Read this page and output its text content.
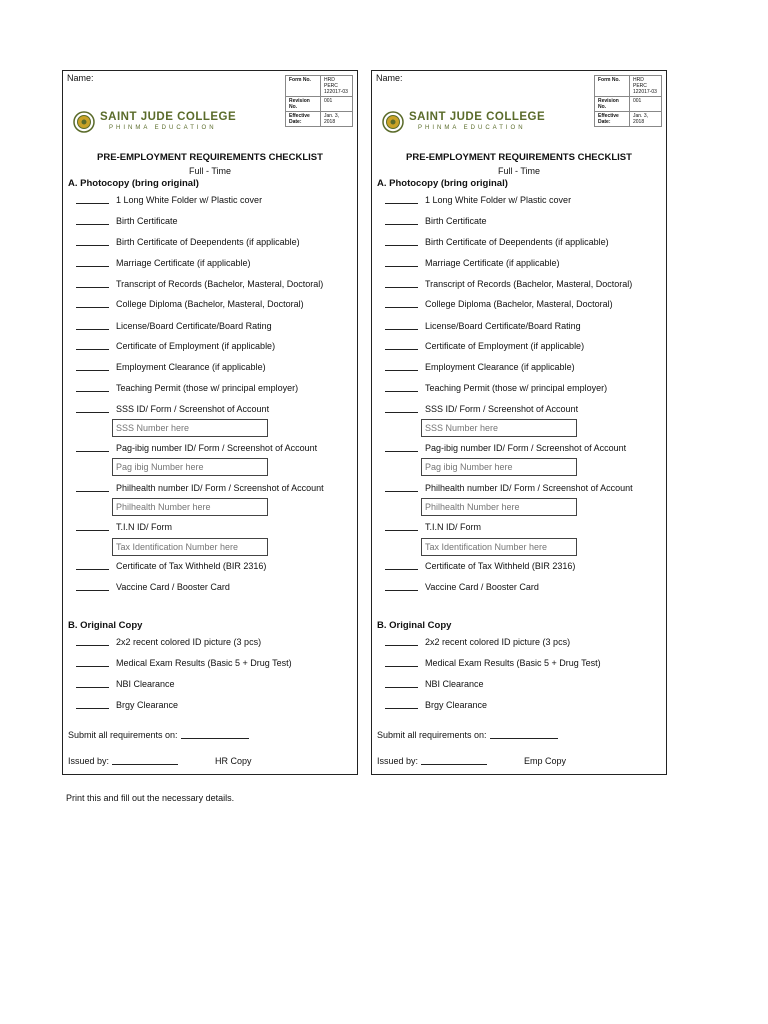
Name:	Form No.	HRD PERC 122017-03
Revision No.	001
Effective Date:	Jan. 3, 2018
SAINT JUDE COLLEGE
PHINMA EDUCATION
PRE-EMPLOYMENT REQUIREMENTS CHECKLIST
Full - Time
A. Photocopy (bring original)
1 Long White Folder w/ Plastic cover
Birth Certificate
Birth Certificate of Deependents (if applicable)
Marriage Certificate (if applicable)
Transcript of Records (Bachelor, Masteral, Doctoral)
College Diploma (Bachelor, Masteral, Doctoral)
License/Board Certificate/Board Rating
Certificate of Employment (if applicable)
Employment Clearance (if applicable)
Teaching Permit (those w/ principal employer)
SSS ID/ Form / Screenshot of Account
SSS Number here
Pag-ibig number ID/ Form / Screenshot of Account
Pag ibig Number here
Philhealth number ID/ Form / Screenshot of Account
Philhealth Number here
T.I.N ID/ Form
Tax Identification Number here
Certificate of Tax Withheld (BIR 2316)
Vaccine Card / Booster Card
B. Original Copy
2x2 recent colored ID picture (3 pcs)
Medical Exam Results (Basic 5 + Drug Test)
NBI Clearance
Brgy Clearance
Submit all requirements on:
Issued by:	HR Copy
Name:	Form No.	HRD PERC 122017-03
Revision No.	001
Effective Date:	Jan. 3, 2018
SAINT JUDE COLLEGE
PHINMA EDUCATION
PRE-EMPLOYMENT REQUIREMENTS CHECKLIST
Full - Time
A. Photocopy (bring original)
1 Long White Folder w/ Plastic cover
Birth Certificate
Birth Certificate of Deependents (if applicable)
Marriage Certificate (if applicable)
Transcript of Records (Bachelor, Masteral, Doctoral)
College Diploma (Bachelor, Masteral, Doctoral)
License/Board Certificate/Board Rating
Certificate of Employment (if applicable)
Employment Clearance (if applicable)
Teaching Permit (those w/ principal employer)
SSS ID/ Form / Screenshot of Account
SSS Number here
Pag-ibig number ID/ Form / Screenshot of Account
Pag ibig Number here
Philhealth number ID/ Form / Screenshot of Account
Philhealth Number here
T.I.N ID/ Form
Tax Identification Number here
Certificate of Tax Withheld (BIR 2316)
Vaccine Card / Booster Card
B. Original Copy
2x2 recent colored ID picture (3 pcs)
Medical Exam Results (Basic 5 + Drug Test)
NBI Clearance
Brgy Clearance
Submit all requirements on:
Issued by:	Emp Copy
Print this and fill out the necessary details.
